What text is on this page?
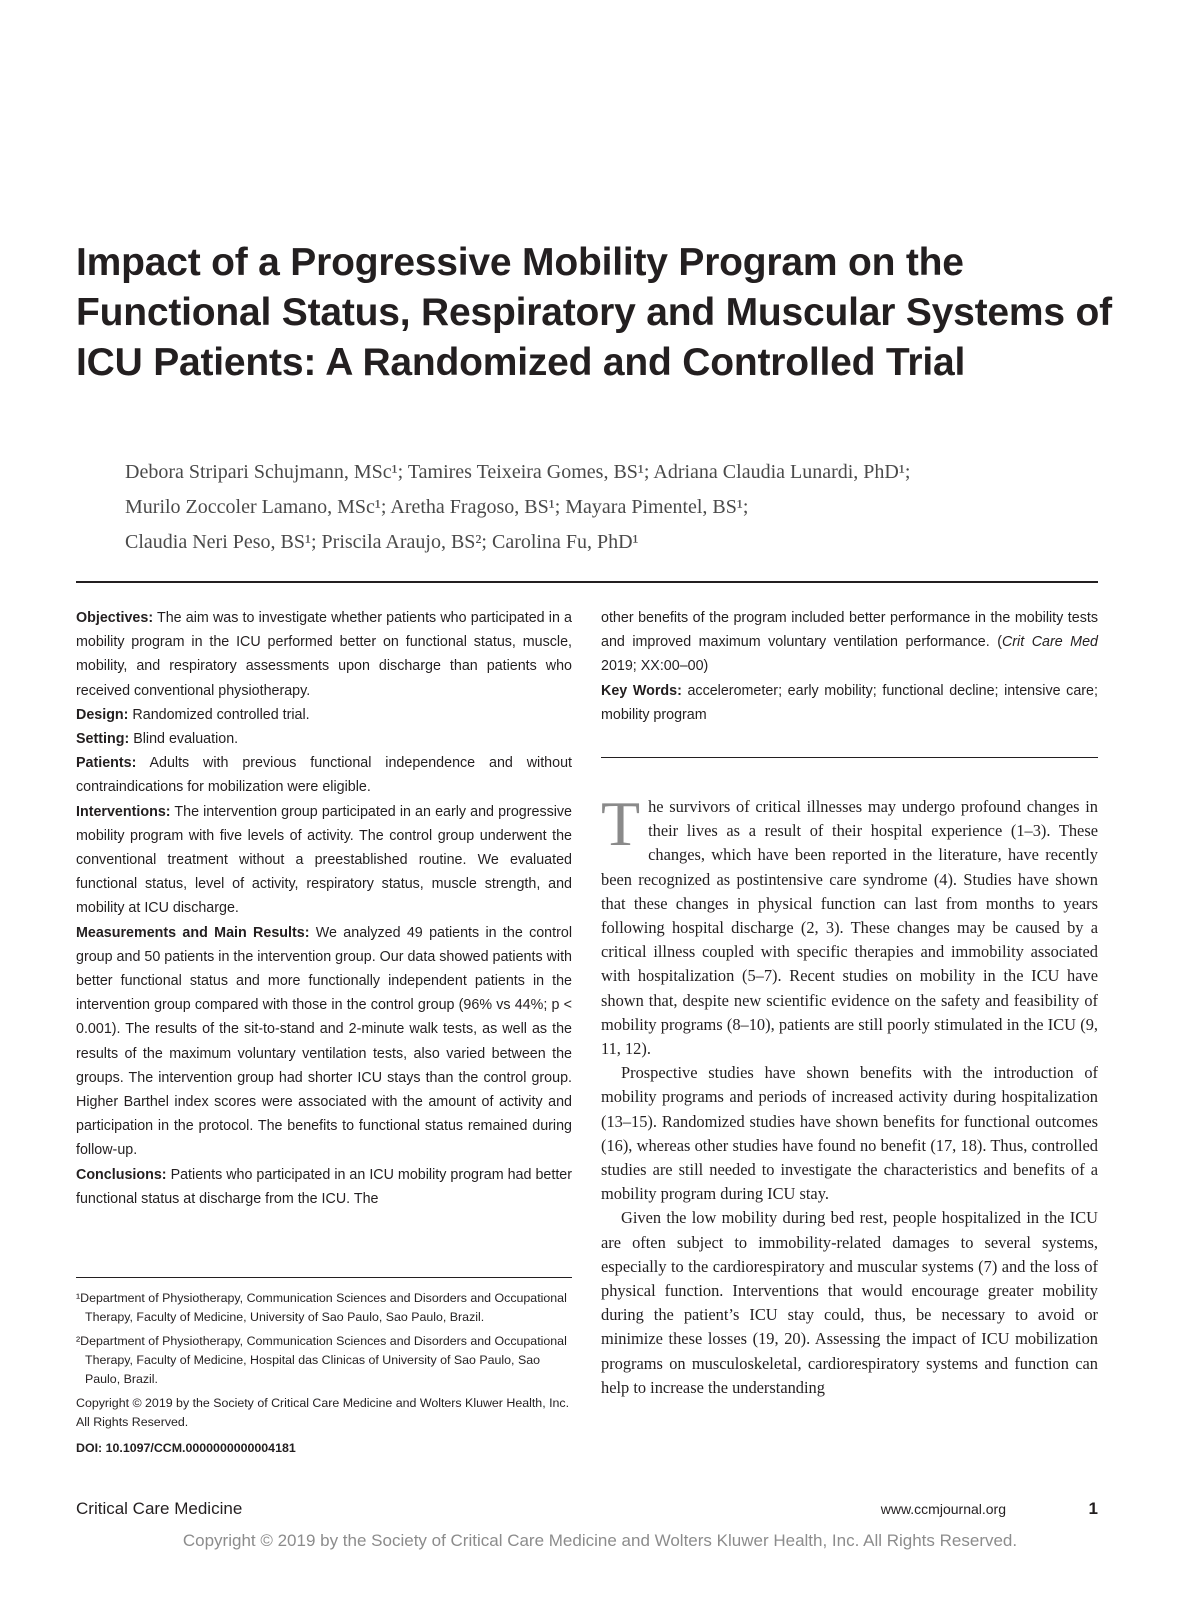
Impact of a Progressive Mobility Program on the Functional Status, Respiratory and Muscular Systems of ICU Patients: A Randomized and Controlled Trial
Debora Stripari Schujmann, MSc¹; Tamires Teixeira Gomes, BS¹; Adriana Claudia Lunardi, PhD¹;
Murilo Zoccoler Lamano, MSc¹; Aretha Fragoso, BS¹; Mayara Pimentel, BS¹;
Claudia Neri Peso, BS¹; Priscila Araujo, BS²; Carolina Fu, PhD¹

Objectives: The aim was to investigate whether patients who participated in a mobility program in the ICU performed better on functional status, muscle, mobility, and respiratory assessments upon discharge than patients who received conventional physiotherapy.

Design: Randomized controlled trial.

Setting: Blind evaluation.

Patients: Adults with previous functional independence and without contraindications for mobilization were eligible.

Interventions: The intervention group participated in an early and progressive mobility program with five levels of activity. The control group underwent the conventional treatment without a preestablished routine. We evaluated functional status, level of activity, respiratory status, muscle strength, and mobility at ICU discharge.

Measurements and Main Results: We analyzed 49 patients in the control group and 50 patients in the intervention group. Our data showed patients with better functional status and more functionally independent patients in the intervention group compared with those in the control group (96% vs 44%; p < 0.001). The results of the sit-to-stand and 2-minute walk tests, as well as the results of the maximum voluntary ventilation tests, also varied between the groups. The intervention group had shorter ICU stays than the control group. Higher Barthel index scores were associated with the amount of activity and participation in the protocol. The benefits to functional status remained during follow-up.

Conclusions: Patients who participated in an ICU mobility program had better functional status at discharge from the ICU. The

¹Department of Physiotherapy, Communication Sciences and Disorders and Occupational Therapy, Faculty of Medicine, University of Sao Paulo, Sao Paulo, Brazil.

²Department of Physiotherapy, Communication Sciences and Disorders and Occupational Therapy, Faculty of Medicine, Hospital das Clinicas of University of Sao Paulo, Sao Paulo, Brazil.

Copyright © 2019 by the Society of Critical Care Medicine and Wolters Kluwer Health, Inc. All Rights Reserved.

DOI: 10.1097/CCM.0000000000004181

other benefits of the program included better performance in the mobility tests and improved maximum voluntary ventilation performance. (Crit Care Med 2019; XX:00–00)

Key Words: accelerometer; early mobility; functional decline; intensive care; mobility program

The survivors of critical illnesses may undergo profound changes in their lives as a result of their hospital experience (1–3). These changes, which have been reported in the literature, have recently been recognized as postintensive care syndrome (4). Studies have shown that these changes in physical function can last from months to years following hospital discharge (2, 3). These changes may be caused by a critical illness coupled with specific therapies and immobility associated with hospitalization (5–7). Recent studies on mobility in the ICU have shown that, despite new scientific evidence on the safety and feasibility of mobility programs (8–10), patients are still poorly stimulated in the ICU (9, 11, 12).

Prospective studies have shown benefits with the introduction of mobility programs and periods of increased activity during hospitalization (13–15). Randomized studies have shown benefits for functional outcomes (16), whereas other studies have found no benefit (17, 18). Thus, controlled studies are still needed to investigate the characteristics and benefits of a mobility program during ICU stay.

Given the low mobility during bed rest, people hospitalized in the ICU are often subject to immobility-related damages to several systems, especially to the cardiorespiratory and muscular systems (7) and the loss of physical function. Interventions that would encourage greater mobility during the patient’s ICU stay could, thus, be necessary to avoid or minimize these losses (19, 20). Assessing the impact of ICU mobilization programs on musculoskeletal, cardiorespiratory systems and function can help to increase the understanding

Critical Care Medicine	www.ccmjournal.org	1
Copyright © 2019 by the Society of Critical Care Medicine and Wolters Kluwer Health, Inc. All Rights Reserved.
